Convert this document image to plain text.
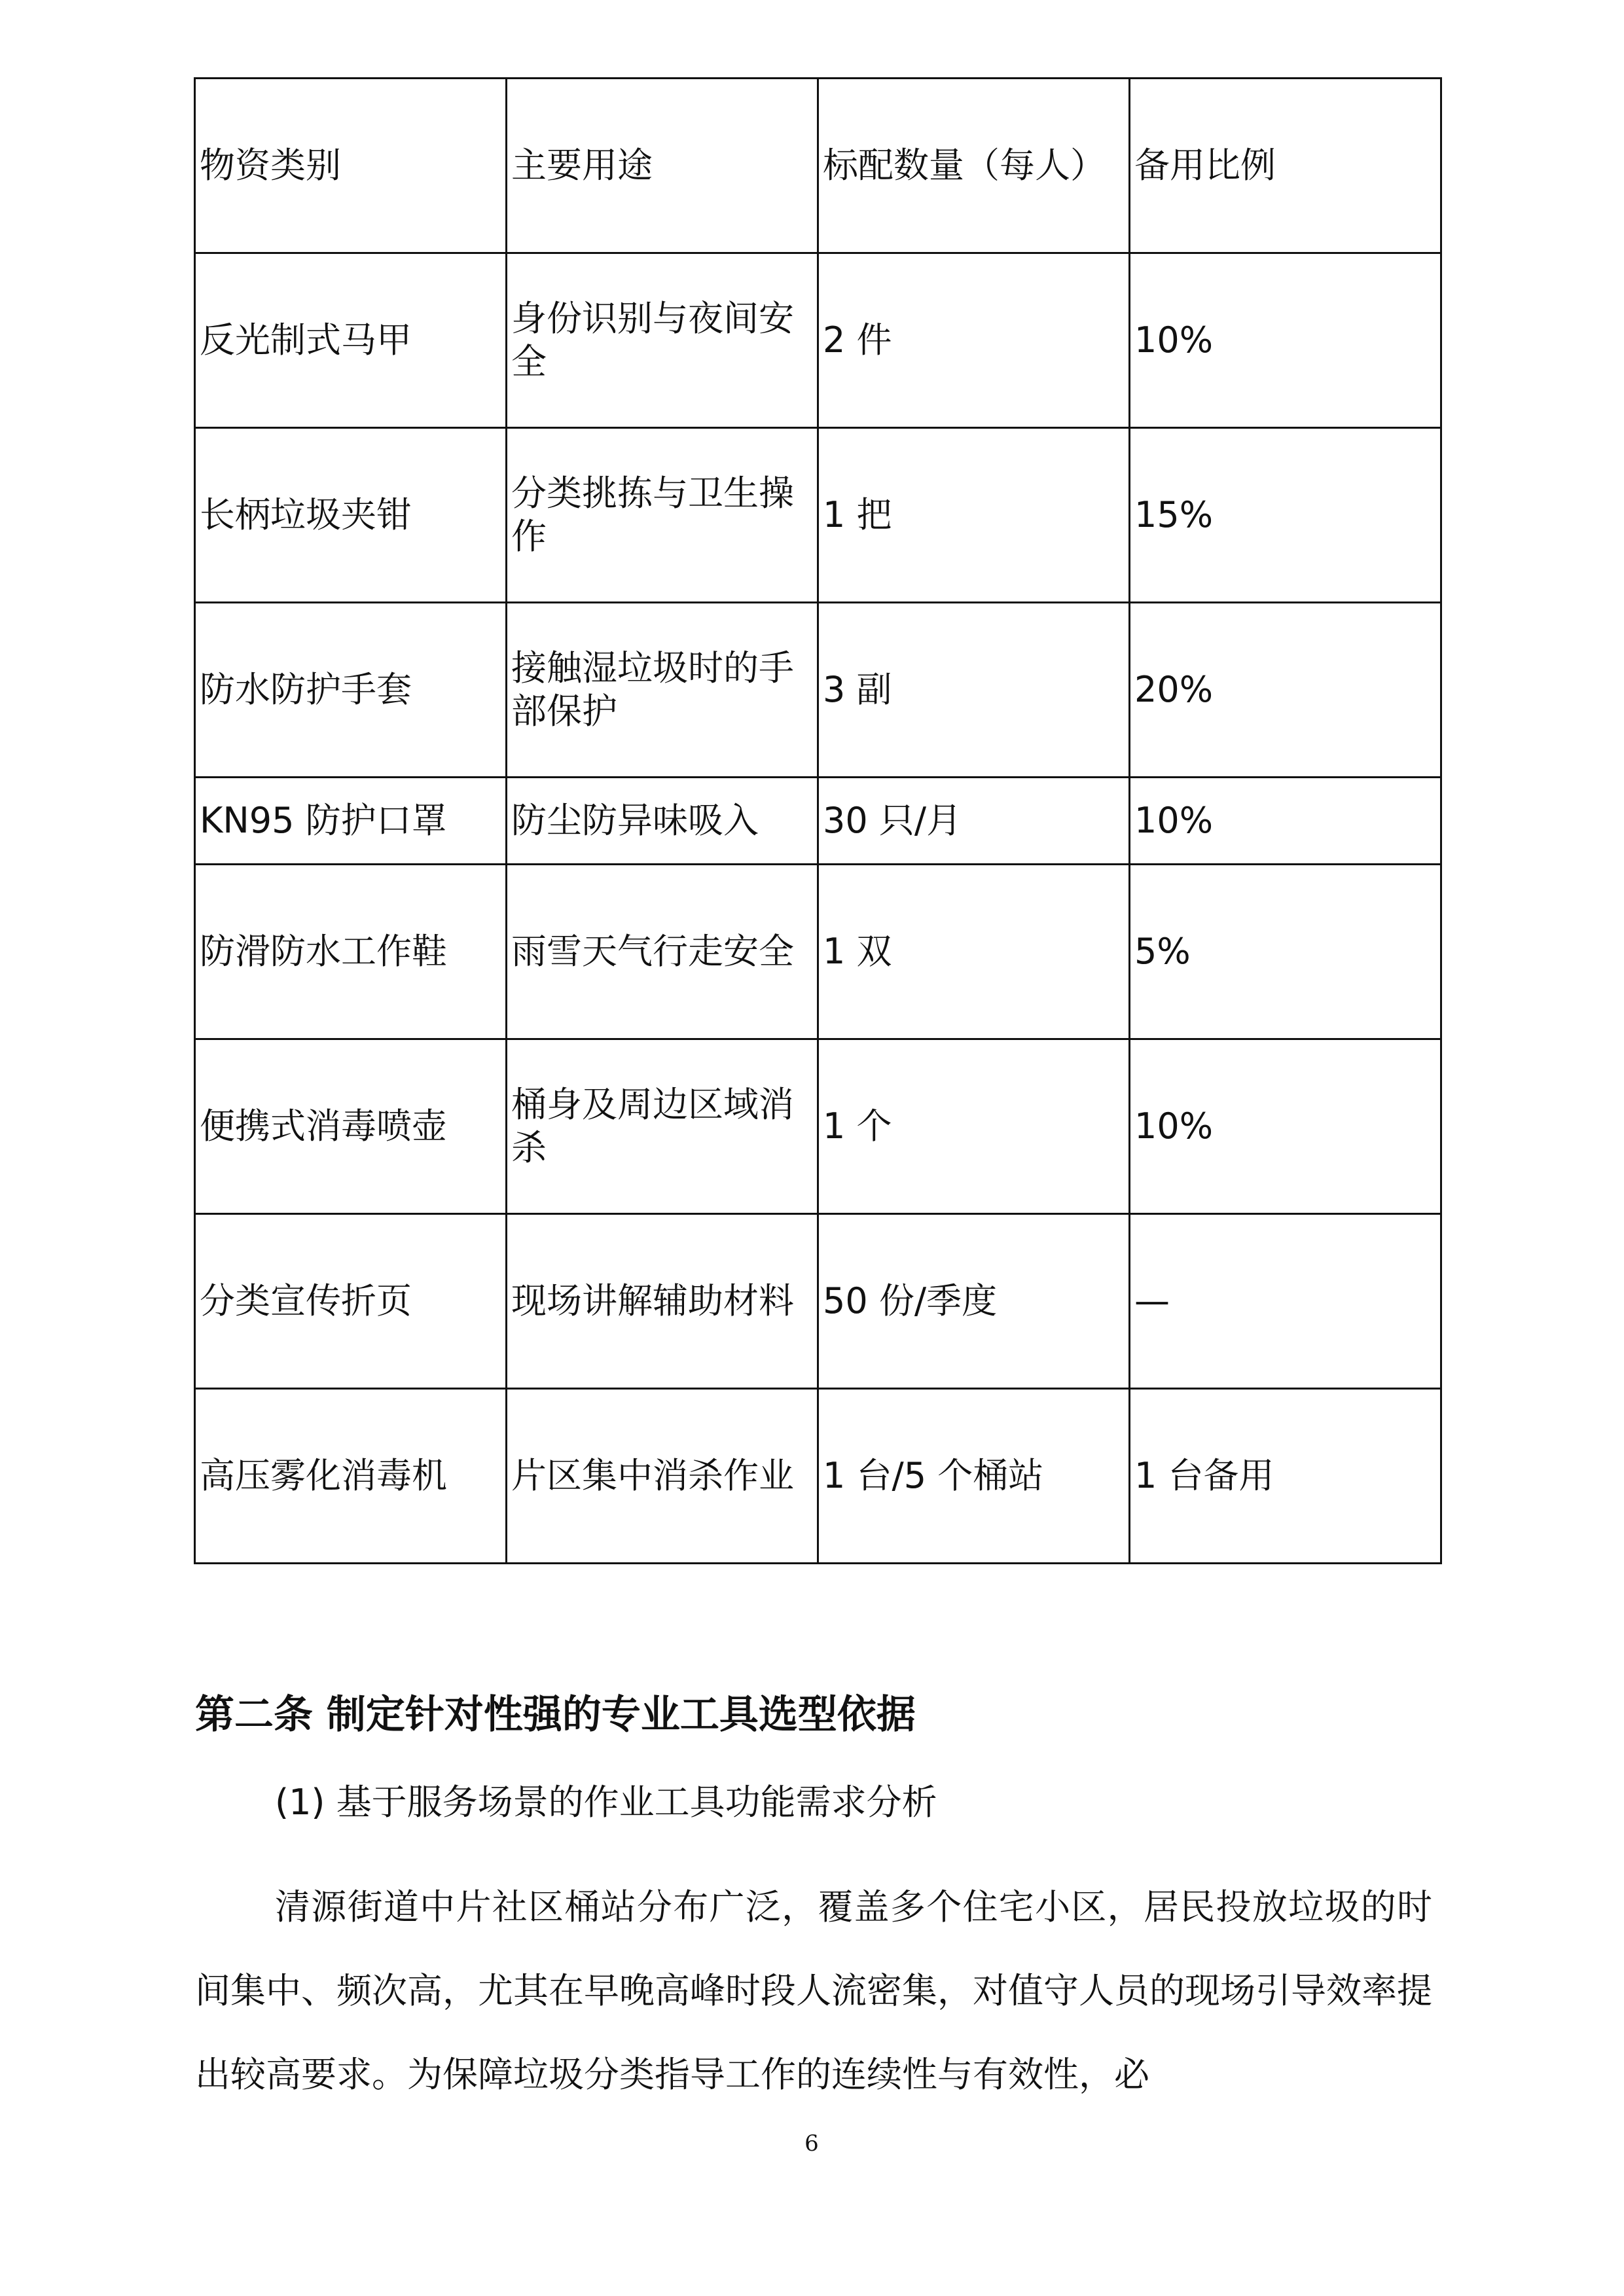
物资类别	主要用途	标配数量（每人）	备用比例
反光制式马甲	身份识别与夜间安全	2 件	10%
长柄垃圾夹钳	分类挑拣与卫生操作	1 把	15%
防水防护手套	接触湿垃圾时的手部保护	3 副	20%
KN95 防护口罩	防尘防异味吸入	30 只/月	10%
防滑防水工作鞋	雨雪天气行走安全	1 双	5%
便携式消毒喷壶	桶身及周边区域消杀	1 个	10%
分类宣传折页	现场讲解辅助材料	50 份/季度	—
高压雾化消毒机	片区集中消杀作业	1 台/5 个桶站	1 台备用
第二条 制定针对性强的专业工具选型依据

(1) 基于服务场景的作业工具功能需求分析

清源街道中片社区桶站分布广泛，覆盖多个住宅小区，居民投放垃圾的时间集中、频次高，尤其在早晚高峰时段人流密集，对值守人员的现场引导效率提出较高要求。为保障垃圾分类指导工作的连续性与有效性，必

6
